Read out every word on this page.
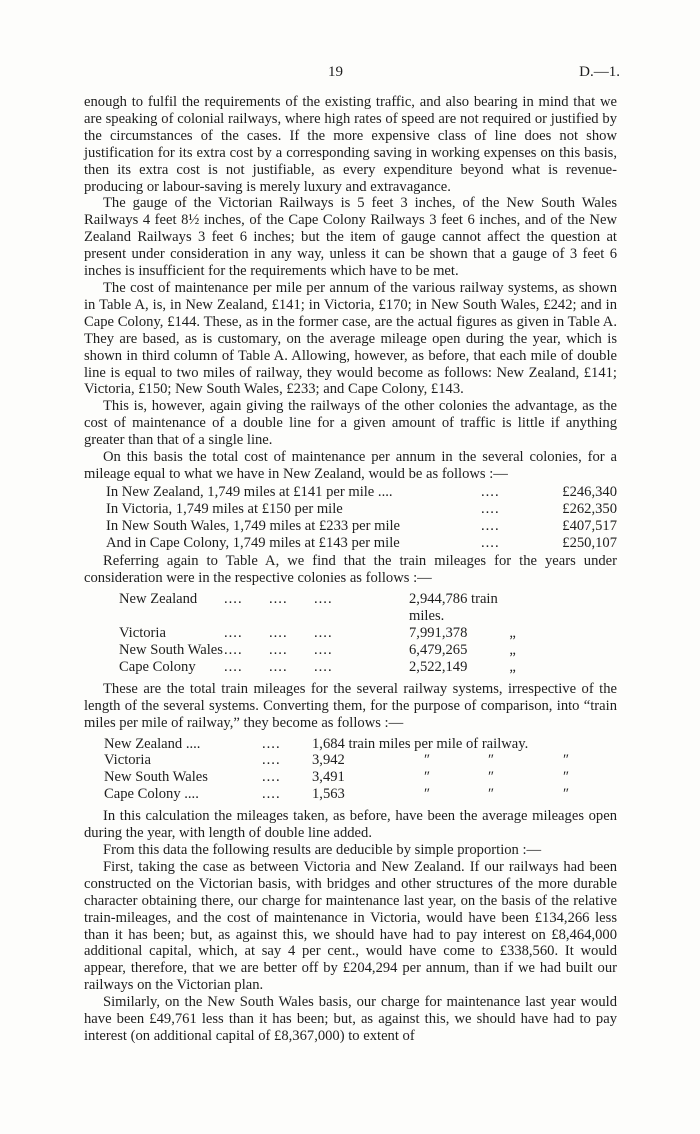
19	D.—1.

enough to fulfil the requirements of the existing traffic, and also bearing in mind that we are speaking of colonial railways, where high rates of speed are not required or justified by the circumstances of the cases. If the more expensive class of line does not show justification for its extra cost by a corresponding saving in working expenses on this basis, then its extra cost is not justifiable, as every expenditure beyond what is revenue-producing or labour-saving is merely luxury and extravagance.

The gauge of the Victorian Railways is 5 feet 3 inches, of the New South Wales Railways 4 feet 8½ inches, of the Cape Colony Railways 3 feet 6 inches, and of the New Zealand Railways 3 feet 6 inches; but the item of gauge cannot affect the question at present under consideration in any way, unless it can be shown that a gauge of 3 feet 6 inches is insufficient for the requirements which have to be met.

The cost of maintenance per mile per annum of the various railway systems, as shown in Table A, is, in New Zealand, £141; in Victoria, £170; in New South Wales, £242; and in Cape Colony, £144. These, as in the former case, are the actual figures as given in Table A. They are based, as is customary, on the average mileage open during the year, which is shown in third column of Table A. Allowing, however, as before, that each mile of double line is equal to two miles of railway, they would become as follows: New Zealand, £141; Victoria, £150; New South Wales, £233; and Cape Colony, £143.

This is, however, again giving the railways of the other colonies the advantage, as the cost of maintenance of a double line for a given amount of traffic is little if anything greater than that of a single line.

On this basis the total cost of maintenance per annum in the several colonies, for a mileage equal to what we have in New Zealand, would be as follows :—

In New Zealand, 1,749 miles at £141 per mile ....	....	£246,340
In Victoria, 1,749 miles at £150 per mile	....	£262,350
In New South Wales, 1,749 miles at £233 per mile	....	£407,517
And in Cape Colony, 1,749 miles at £143 per mile	....	£250,107

Referring again to Table A, we find that the train mileages for the years under consideration were in the respective colonies as follows :—

New Zealand	....	....	....	2,944,786 train miles.
Victoria	....	....	....	7,991,378	„
New South Wales ....	....	....	6,479,265	„
Cape Colony	....	....	....	2,522,149	„

These are the total train mileages for the several railway systems, irrespective of the length of the several systems. Converting them, for the purpose of comparison, into “train miles per mile of railway,” they become as follows :—

New Zealand ....	....	1,684 train miles per mile of railway.
Victoria	....	3,942	″	″	″
New South Wales	....	3,491	″	″	″
Cape Colony ....	....	1,563	″	″	″

In this calculation the mileages taken, as before, have been the average mileages open during the year, with length of double line added.

From this data the following results are deducible by simple proportion :—

First, taking the case as between Victoria and New Zealand. If our railways had been constructed on the Victorian basis, with bridges and other structures of the more durable character obtaining there, our charge for maintenance last year, on the basis of the relative train-mileages, and the cost of maintenance in Victoria, would have been £134,266 less than it has been; but, as against this, we should have had to pay interest on £8,464,000 additional capital, which, at say 4 per cent., would have come to £338,560. It would appear, therefore, that we are better off by £204,294 per annum, than if we had built our railways on the Victorian plan.

Similarly, on the New South Wales basis, our charge for maintenance last year would have been £49,761 less than it has been; but, as against this, we should have had to pay interest (on additional capital of £8,367,000) to extent of
